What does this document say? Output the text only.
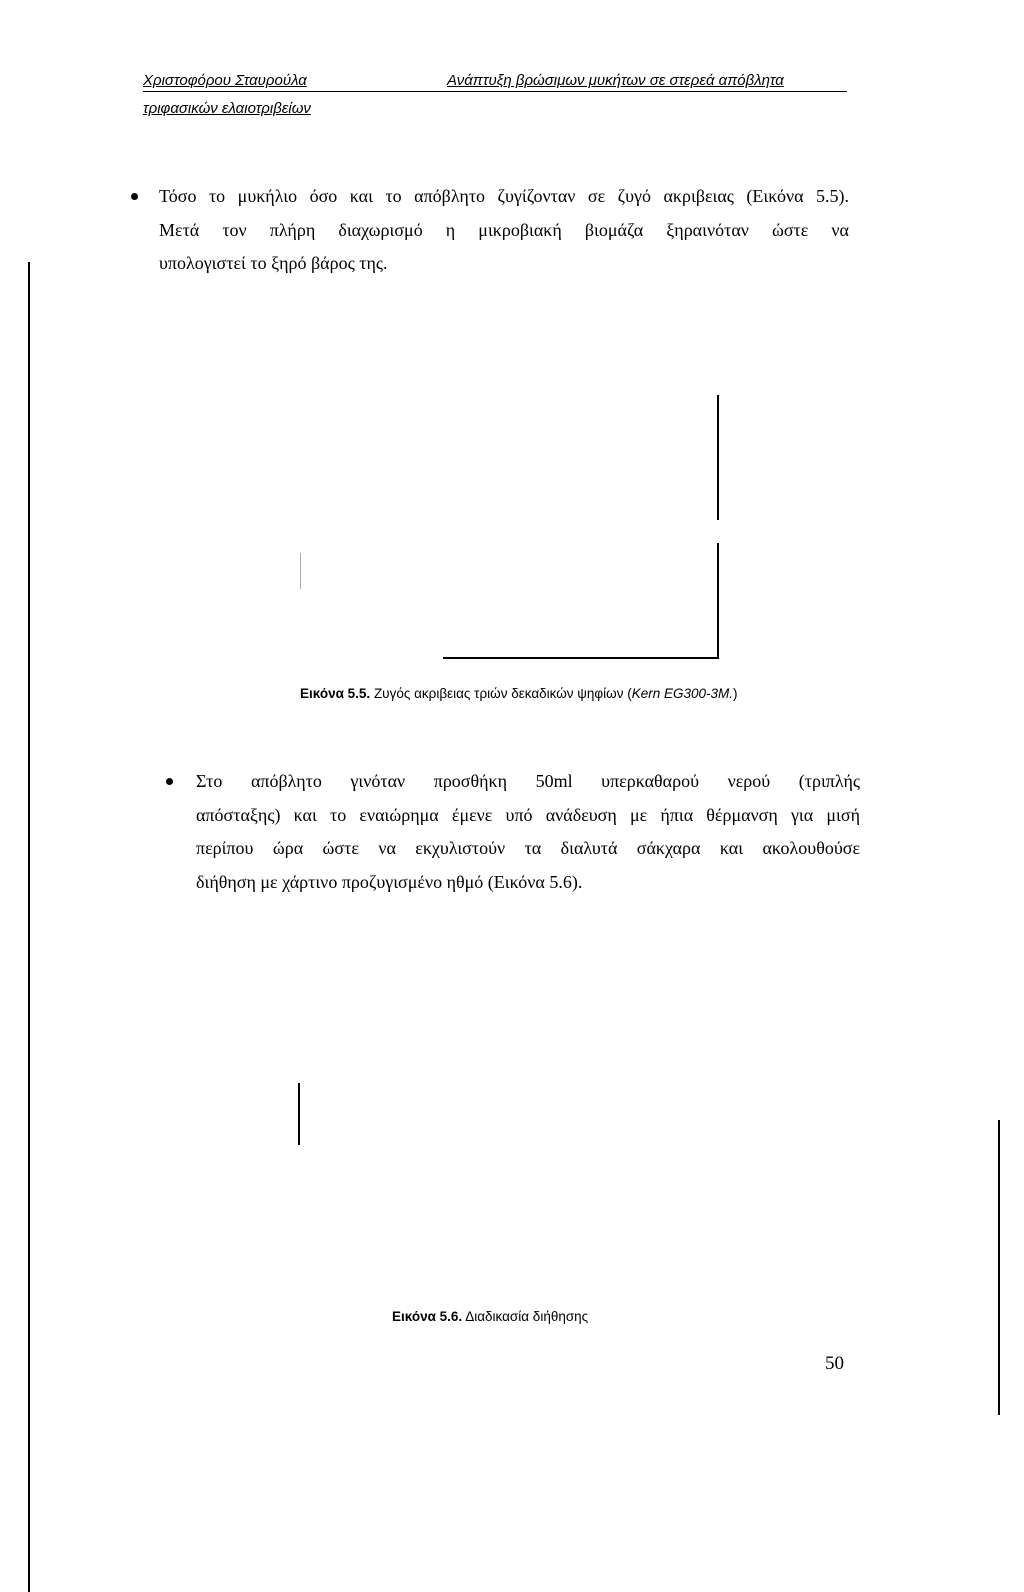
Χριστοφόρου Σταυρούλα
τριφασικών ελαιοτριβείων
Ανάπτυξη βρώσιμων μυκήτων σε στερεά απόβλητα
Τόσο το μυκήλιο όσο και το απόβλητο ζυγίζονταν σε ζυγό ακριβειας (Εικόνα 5.5).
Μετά τον πλήρη διαχωρισμό η μικροβιακή βιομάζα ξηραινόταν ώστε να
υπολογιστεί το ξηρό βάρος της.
Εικόνα 5.5. Ζυγός ακριβειας τριών δεκαδικών ψηφίων (Kern EG300-3M.)
Στο απόβλητο γινόταν προσθήκη 50ml υπερκαθαρού νερού (τριπλής
απόσταξης) και το εναιώρημα έμενε υπό ανάδευση με ήπια θέρμανση για μισή
περίπου ώρα ώστε να εκχυλιστούν τα διαλυτά σάκχαρα και ακολουθούσε
διήθηση με χάρτινο προζυγισμένο ηθμό (Εικόνα 5.6).
Εικόνα 5.6. Διαδικασία διήθησης
50
